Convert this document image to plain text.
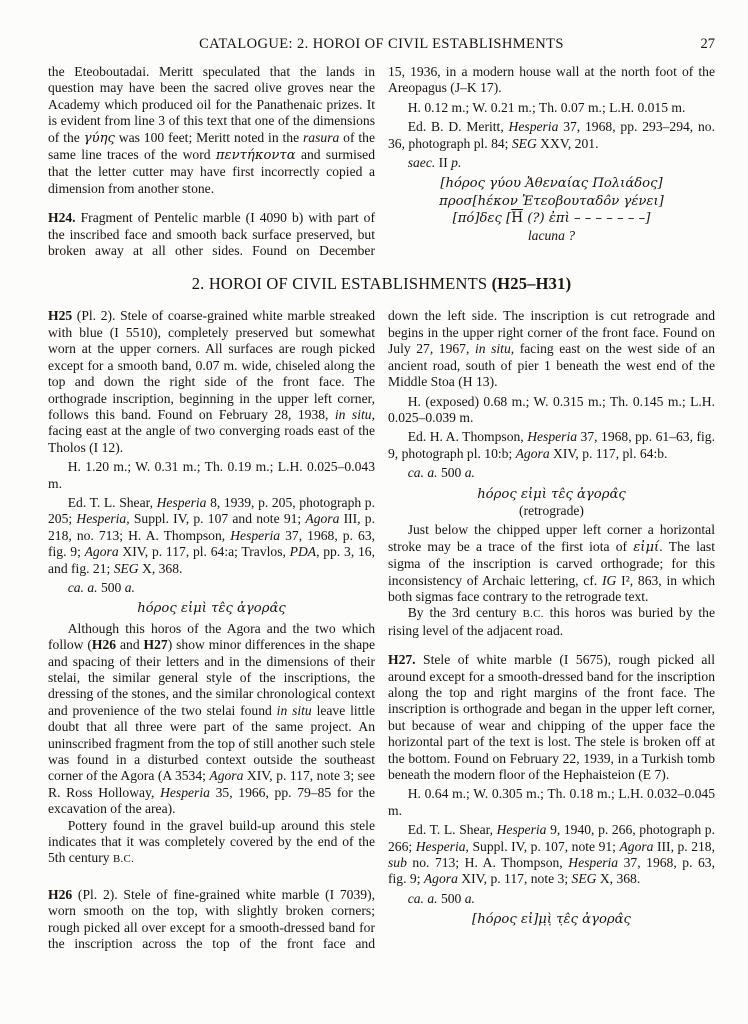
CATALOGUE: 2. HOROI OF CIVIL ESTABLISHMENTS	27
the Eteoboutadai. Meritt speculated that the lands in question may have been the sacred olive groves near the Academy which produced oil for the Panathenaic prizes. It is evident from line 3 of this text that one of the dimensions of the γύης was 100 feet; Meritt noted in the rasura of the same line traces of the word πεντήκοντα and surmised that the letter cutter may have first incorrectly copied a dimension from another stone.
H24. Fragment of Pentelic marble (I 4090 b) with part of the inscribed face and smooth back surface preserved, but broken away at all other sides. Found on December
15, 1936, in a modern house wall at the north foot of the Areopagus (J–K 17).
H. 0.12 m.; W. 0.21 m.; Th. 0.07 m.; L.H. 0.015 m.
Ed. B. D. Meritt, Hesperia 37, 1968, pp. 293–294, no. 36, photograph pl. 84; SEG XXV, 201.
saec. II p.
[hόρος γύου Ἀθεναίας Πολιάδος]
προσ[hέκον Ἐτεοβουταδο̂ν γένει]
[πό]δες [$\overline{H}$ (?) ἐπὶ – – – – – – –]
lacuna ?
2. HOROI OF CIVIL ESTABLISHMENTS (H25–H31)
H25 (Pl. 2). Stele of coarse-grained white marble streaked with blue (I 5510), completely preserved but somewhat worn at the upper corners. All surfaces are rough picked except for a smooth band, 0.07 m. wide, chiseled along the top and down the right side of the front face. The orthograde inscription, beginning in the upper left corner, follows this band. Found on February 28, 1938, in situ, facing east at the angle of two converging roads east of the Tholos (I 12).
H. 1.20 m.; W. 0.31 m.; Th. 0.19 m.; L.H. 0.025–0.043 m.
Ed. T. L. Shear, Hesperia 8, 1939, p. 205, photograph p. 205; Hesperia, Suppl. IV, p. 107 and note 91; Agora III, p. 218, no. 713; H. A. Thompson, Hesperia 37, 1968, p. 63, fig. 9; Agora XIV, p. 117, pl. 64:a; Travlos, PDA, pp. 3, 16, and fig. 21; SEG X, 368.
ca. a. 500 a.
hόρος εἰμὶ τε̂ς ἀγορα̂ς
Although this horos of the Agora and the two which follow (H26 and H27) show minor differences in the shape and spacing of their letters and in the dimensions of their stelai, the similar general style of the inscriptions, the dressing of the stones, and the similar chronological context and provenience of the two stelai found in situ leave little doubt that all three were part of the same project. An uninscribed fragment from the top of still another such stele was found in a disturbed context outside the southeast corner of the Agora (A 3534; Agora XIV, p. 117, note 3; see R. Ross Holloway, Hesperia 35, 1966, pp. 79–85 for the excavation of the area).
Pottery found in the gravel build-up around this stele indicates that it was completely covered by the end of the 5th century B.C.
H26 (Pl. 2). Stele of fine-grained white marble (I 7039), worn smooth on the top, with slightly broken corners; rough picked all over except for a smooth-dressed band for the inscription across the top of the front face and
down the left side. The inscription is cut retrograde and begins in the upper right corner of the front face. Found on July 27, 1967, in situ, facing east on the west side of an ancient road, south of pier 1 beneath the west end of the Middle Stoa (H 13).
H. (exposed) 0.68 m.; W. 0.315 m.; Th. 0.145 m.; L.H. 0.025–0.039 m.
Ed. H. A. Thompson, Hesperia 37, 1968, pp. 61–63, fig. 9, photograph pl. 10:b; Agora XIV, p. 117, pl. 64:b.
ca. a. 500 a.
hόρος εἰμὶ τε̂ς ἀγορα̂ς
(retrograde)
Just below the chipped upper left corner a horizontal stroke may be a trace of the first iota of εἰμί. The last sigma of the inscription is carved orthograde; for this inconsistency of Archaic lettering, cf. IG I², 863, in which both sigmas face contrary to the retrograde text.
By the 3rd century B.C. this horos was buried by the rising level of the adjacent road.
H27. Stele of white marble (I 5675), rough picked all around except for a smooth-dressed band for the inscription along the top and right margins of the front face. The inscription is orthograde and began in the upper left corner, but because of wear and chipping of the upper face the horizontal part of the text is lost. The stele is broken off at the bottom. Found on February 22, 1939, in a Turkish tomb beneath the modern floor of the Hephaisteion (E 7).
H. 0.64 m.; W. 0.305 m.; Th. 0.18 m.; L.H. 0.032–0.045 m.
Ed. T. L. Shear, Hesperia 9, 1940, p. 266, photograph p. 266; Hesperia, Suppl. IV, p. 107, note 91; Agora III, p. 218, sub no. 713; H. A. Thompson, Hesperia 37, 1968, p. 63, fig. 9; Agora XIV, p. 117, note 3; SEG X, 368.
ca. a. 500 a.
[hόρος εἰ]μ̣ὶ̣ τ̣ε̂ς ἀγορα̂ς
